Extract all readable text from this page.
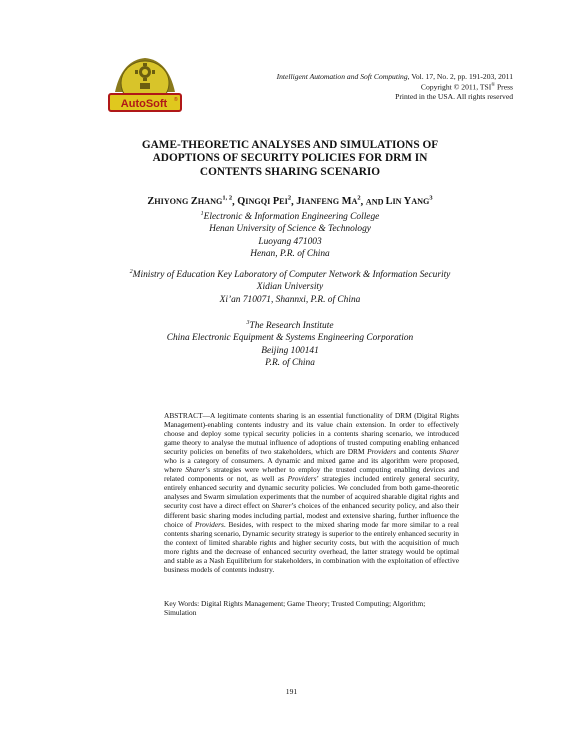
AutoSoft ®
Intelligent Automation and Soft Computing, Vol. 17, No. 2, pp. 191-203, 2011
Copyright © 2011, TSI® Press
Printed in the USA. All rights reserved
GAME-THEORETIC ANALYSES AND SIMULATIONS OF
ADOPTIONS OF SECURITY POLICIES FOR DRM IN
CONTENTS SHARING SCENARIO
ZHIYONG ZHANG$^{1, 2}$, QINGQI PEI$^2$, JIANFENG $MA^2$, AND LIN YANG$^3$
$^1$Electronic & Information Engineering College
Henan University of Science & Technology
Luoyang 471003
Henan, P.R. of China
$^2$Ministry of Education Key Laboratory of Computer Network & Information Security
Xidian University
Xi’an 710071, Shannxi, P.R. of China
$^3$The Research Institute
China Electronic Equipment & Systems Engineering Corporation
Beijing 100141
P.R. of China
ABSTRACT—A legitimate contents sharing is an essential functionality of DRM (Digital Rights Management)-enabling contents industry and its value chain extension. In order to effectively choose and deploy some typical security policies in a contents sharing scenario, we introduced game theory to analyse the mutual influence of adoptions of trusted computing enabling enhanced security policies on benefits of two stakeholders, which are DRM Providers and contents Sharer who is a category of consumers. A dynamic and mixed game and its algorithm were proposed, where Sharer’s strategies were whether to employ the trusted computing enabling devices and related components or not, as well as Providers’ strategies included entirely general security, entirely enhanced security and dynamic security policies. We concluded from both game-theoretic analyses and Swarm simulation experiments that the number of acquired sharable digital rights and security cost have a direct effect on Sharer’s choices of the enhanced security policy, and also their different basic sharing modes including partial, modest and extensive sharing, further influence the choice of Providers. Besides, with respect to the mixed sharing mode far more similar to a real contents sharing scenario, Dynamic security strategy is superior to the entirely enhanced security in the context of limited sharable rights and higher security costs, but with the acquisition of much more rights and the decrease of enhanced security overhead, the latter strategy would be optimal and stable as a Nash Equilibrium for stakeholders, in combination with the exploitation of effective business models of contents industry.
Key Words: Digital Rights Management; Game Theory; Trusted Computing; Algorithm; Simulation
191
